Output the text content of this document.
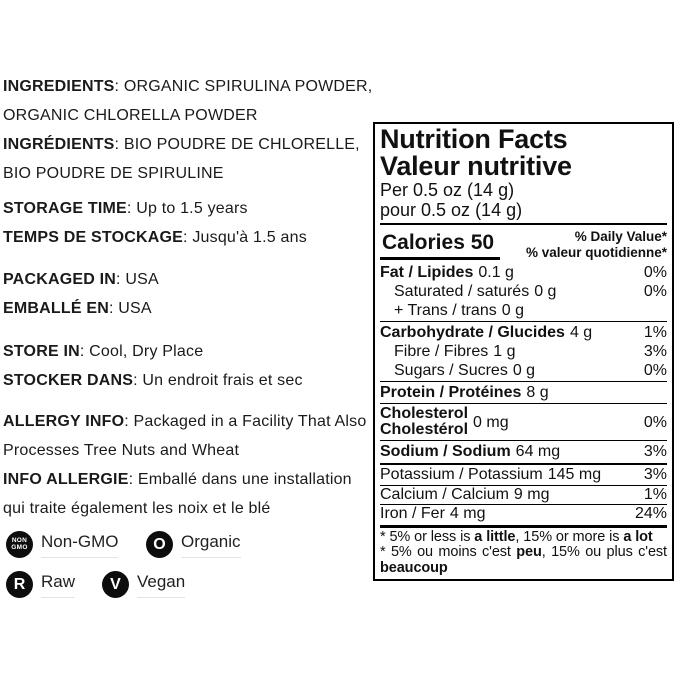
INGREDIENTS: ORGANIC SPIRULINA POWDER, ORGANIC CHLORELLA POWDER
INGRÉDIENTS: BIO POUDRE DE CHLORELLE, BIO POUDRE DE SPIRULINE
STORAGE TIME: Up to 1.5 years
TEMPS DE STOCKAGE: Jusqu'à 1.5 ans
PACKAGED IN: USA
EMBALLÉ EN: USA
STORE IN: Cool, Dry Place
STOCKER DANS: Un endroit frais et sec
ALLERGY INFO: Packaged in a Facility That Also Processes Tree Nuts and Wheat
INFO ALLERGIE: Emballé dans une installation qui traite également les noix et le blé
NON
GMO Non-GMO O Organic
R Raw V Vegan
Nutrition Facts
Valeur nutritive
Per 0.5 oz (14 g)
pour 0.5 oz (14 g)
Calories 50	% Daily Value*
% valeur quotidienne*
Fat / Lipides 0.1 g	0%
Saturated / saturés 0 g	0%
+ Trans / trans 0 g
Carbohydrate / Glucides 4 g	1%
Fibre / Fibres 1 g	3%
Sugars / Sucres 0 g	0%
Protein / Protéines 8 g
Cholesterol
Cholestérol 0 mg	0%
Sodium / Sodium 64 mg	3%
Potassium / Potassium 145 mg	3%
Calcium / Calcium 9 mg	1%
Iron / Fer 4 mg	24%
* 5% or less is a little, 15% or more is a lot
* 5% ou moins c'est peu, 15% ou plus c'est beaucoup
